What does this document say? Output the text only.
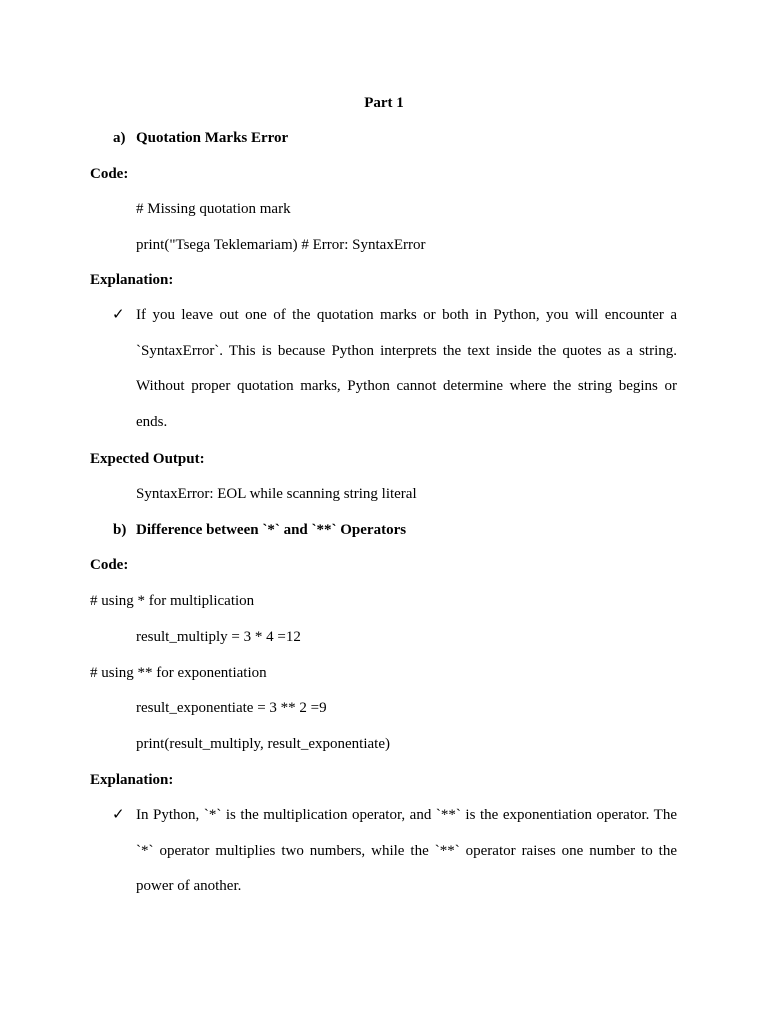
Part 1
a) Quotation Marks Error
Code:
# Missing quotation mark
print("Tsega Teklemariam) # Error: SyntaxError
Explanation:
✓ If you leave out one of the quotation marks or both in Python, you will encounter a `SyntaxError`. This is because Python interprets the text inside the quotes as a string. Without proper quotation marks, Python cannot determine where the string begins or ends.
Expected Output:
SyntaxError: EOL while scanning string literal
b) Difference between `*` and `**` Operators
Code:
# using * for multiplication
result_multiply = 3 * 4 =12
# using ** for exponentiation
result_exponentiate = 3 ** 2 =9
print(result_multiply, result_exponentiate)
Explanation:
✓ In Python, `*` is the multiplication operator, and `**` is the exponentiation operator. The `*` operator multiplies two numbers, while the `**` operator raises one number to the power of another.
